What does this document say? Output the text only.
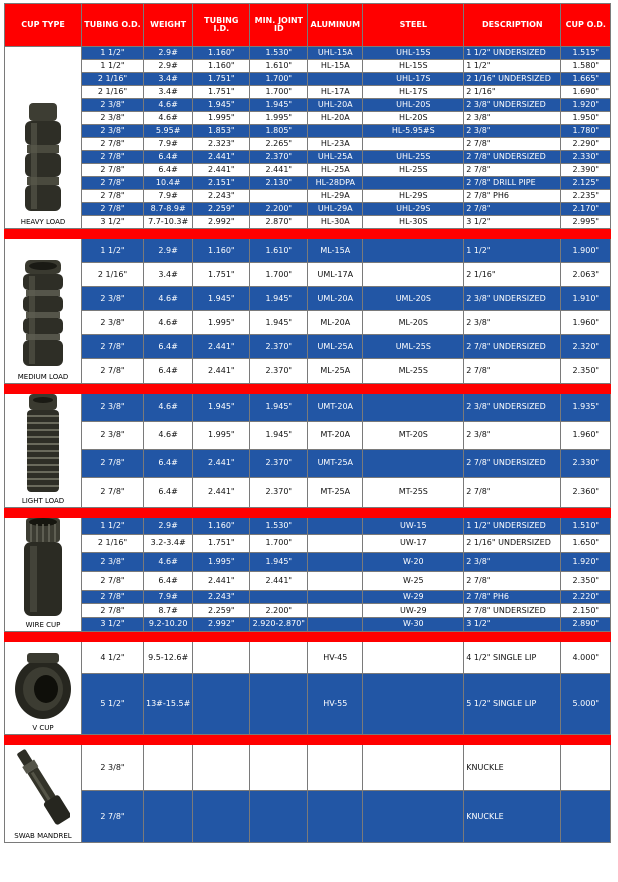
CUP TYPE	TUBING O.D.	WEIGHT	TUBING I.D.	MIN. JOINT ID	ALUMINUM	STEEL	DESCRIPTION	CUP O.D.

HEAVY LOAD	1 1/2"	2.9#	1.160"	1.530"	UHL-15A	UHL-15S	1 1/2" UNDERSIZED	1.515"
	1 1/2"	2.9#	1.160"	1.610"	HL-15A	HL-15S	1 1/2"	1.580"
	2 1/16"	3.4#	1.751"	1.700"		UHL-17S	2 1/16" UNDERSIZED	1.665"
	2 1/16"	3.4#	1.751"	1.700"	HL-17A	HL-17S	2 1/16"	1.690"
	2 3/8"	4.6#	1.945"	1.945"	UHL-20A	UHL-20S	2 3/8" UNDERSIZED	1.920"
	2 3/8"	4.6#	1.995"	1.995"	HL-20A	HL-20S	2 3/8"	1.950"
	2 3/8"	5.95#	1.853"	1.805"		HL-5.95#S	2 3/8"	1.780"
	2 7/8"	7.9#	2.323"	2.265"	HL-23A		2 7/8"	2.290"
	2 7/8"	6.4#	2.441"	2.370"	UHL-25A	UHL-25S	2 7/8" UNDERSIZED	2.330"
	2 7/8"	6.4#	2.441"	2.441"	HL-25A	HL-25S	2 7/8"	2.390"
	2 7/8"	10.4#	2.151"	2.130"	HL-28DPA		2 7/8" DRILL PIPE	2.125"
	2 7/8"	7.9#	2.243"		HL-29A	HL-29S	2 7/8" PH6	2.235"
	2 7/8"	8.7-8.9#	2.259"	2.200"	UHL-29A	UHL-29S	2 7/8"	2.170"
	3 1/2"	7.7-10.3#	2.992"	2.870"	HL-30A	HL-30S	3 1/2"	2.995"

MEDIUM LOAD	1 1/2"	2.9#	1.160"	1.610"	ML-15A		1 1/2"	1.900"
	2 1/16"	3.4#	1.751"	1.700"	UML-17A		2 1/16"	2.063"
	2 3/8"	4.6#	1.945"	1.945"	UML-20A	UML-20S	2 3/8" UNDERSIZED	1.910"
	2 3/8"	4.6#	1.995"	1.945"	ML-20A	ML-20S	2 3/8"	1.960"
	2 7/8"	6.4#	2.441"	2.370"	UML-25A	UML-25S	2 7/8" UNDERSIZED	2.320"
	2 7/8"	6.4#	2.441"	2.370"	ML-25A	ML-25S	2 7/8"	2.350"

LIGHT LOAD	2 3/8"	4.6#	1.945"	1.945"	UMT-20A		2 3/8" UNDERSIZED	1.935"
	2 3/8"	4.6#	1.995"	1.945"	MT-20A	MT-20S	2 3/8"	1.960"
	2 7/8"	6.4#	2.441"	2.370"	UMT-25A		2 7/8" UNDERSIZED	2.330"
	2 7/8"	6.4#	2.441"	2.370"	MT-25A	MT-25S	2 7/8"	2.360"

WIRE CUP	1 1/2"	2.9#	1.160"	1.530"		UW-15	1 1/2" UNDERSIZED	1.510"
	2 1/16"	3.2-3.4#	1.751"	1.700"		UW-17	2 1/16" UNDERSIZED	1.650"
	2 3/8"	4.6#	1.995"	1.945"		W-20	2 3/8"	1.920"
	2 7/8"	6.4#	2.441"	2.441"		W-25	2 7/8"	2.350"
	2 7/8"	7.9#	2.243"			W-29	2 7/8" PH6	2.220"
	2 7/8"	8.7#	2.259"	2.200"		UW-29	2 7/8" UNDERSIZED	2.150"
	3 1/2"	9.2-10.20	2.992"	2.920-2.870"		W-30	3 1/2"	2.890"

V CUP	4 1/2"	9.5-12.6#			HV-45		4 1/2" SINGLE LIP	4.000"
	5 1/2"	13#-15.5#			HV-55		5 1/2" SINGLE LIP	5.000"

SWAB MANDREL	2 3/8"						KNUCKLE	
	2 7/8"						KNUCKLE	
